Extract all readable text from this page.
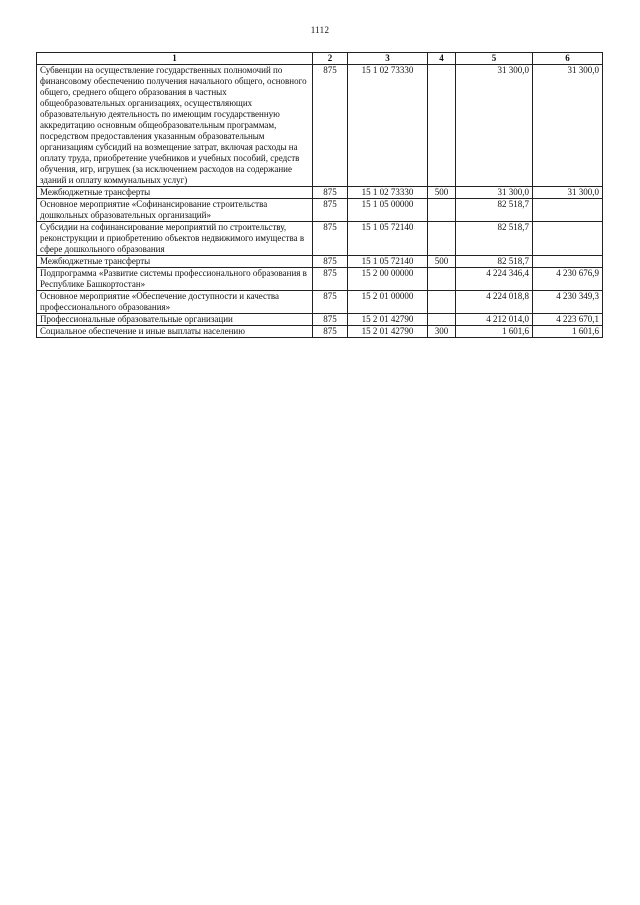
1112
1	2	3	4	5	6
Субвенции на осуществление государственных полномочий по финансовому обеспечению получения начального общего, основного общего, среднего общего образования в частных общеобразовательных организациях, осуществляющих образовательную деятельность по имеющим государственную аккредитацию основным общеобразовательным программам, посредством предоставления указанным образовательным организациям субсидий на возмещение затрат, включая расходы на оплату труда, приобретение учебников и учебных пособий, средств обучения, игр, игрушек (за исключением расходов на содержание зданий и оплату коммунальных услуг)	875	15 1 02 73330		31 300,0	31 300,0
Межбюджетные трансферты	875	15 1 02 73330	500	31 300,0	31 300,0
Основное мероприятие «Софинансирование строительства дошкольных образовательных организаций»	875	15 1 05 00000		82 518,7	
Субсидии на софинансирование мероприятий по строительству, реконструкции и приобретению объектов недвижимого имущества в сфере дошкольного образования	875	15 1 05 72140		82 518,7	
Межбюджетные трансферты	875	15 1 05 72140	500	82 518,7	
Подпрограмма «Развитие системы профессионального образования в Республике Башкортостан»	875	15 2 00 00000		4 224 346,4	4 230 676,9
Основное мероприятие «Обеспечение доступности и качества профессионального образования»	875	15 2 01 00000		4 224 018,8	4 230 349,3
Профессиональные образовательные организации	875	15 2 01 42790		4 212 014,0	4 223 670,1
Социальное обеспечение и иные выплаты населению	875	15 2 01 42790	300	1 601,6	1 601,6
